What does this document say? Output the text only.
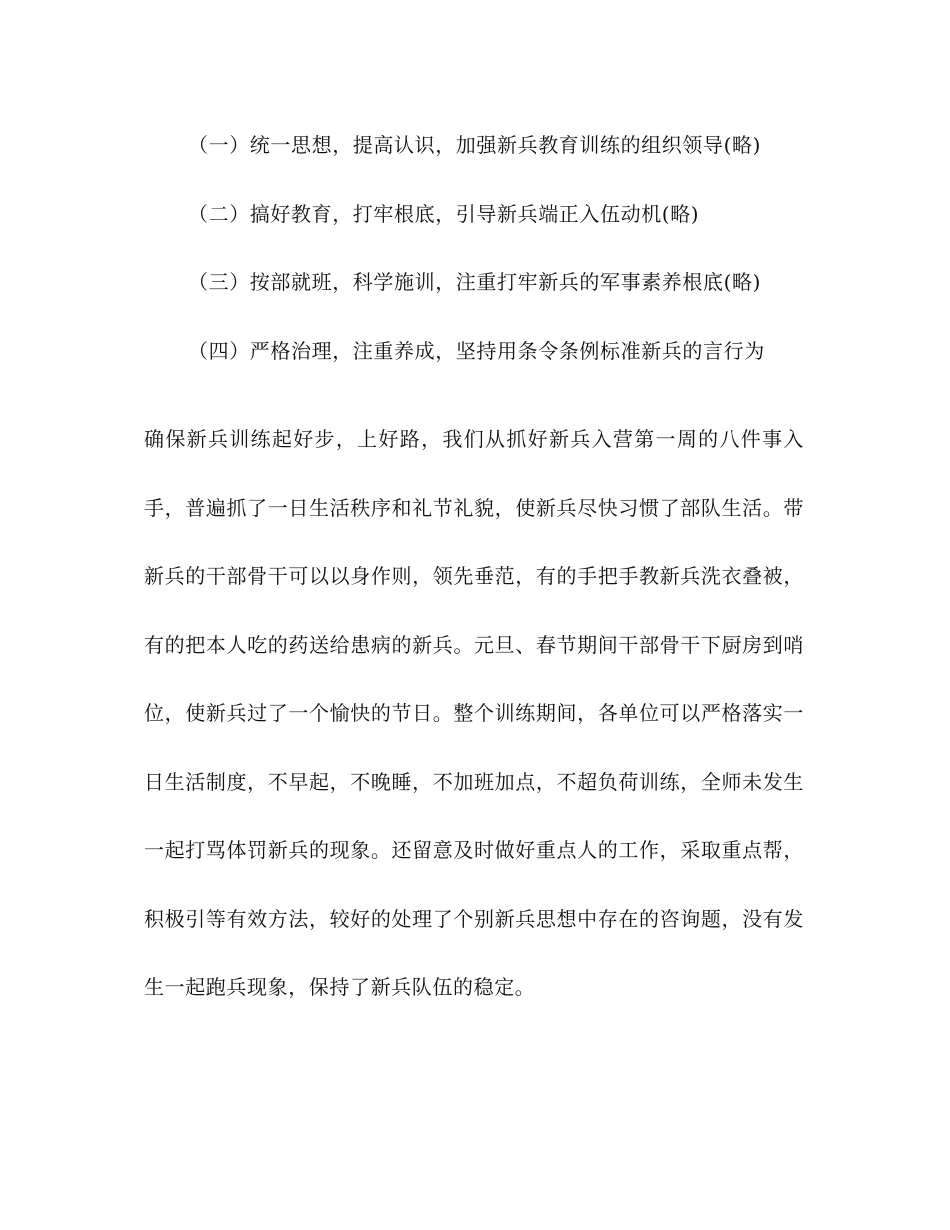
（一）统一思想，提高认识，加强新兵教育训练的组织领导(略)

（二）搞好教育，打牢根底，引导新兵端正入伍动机(略)

（三）按部就班，科学施训，注重打牢新兵的军事素养根底(略)

（四）严格治理，注重养成，坚持用条令条例标准新兵的言行为

确保新兵训练起好步，上好路，我们从抓好新兵入营第一周的八件事入手，普遍抓了一日生活秩序和礼节礼貌，使新兵尽快习惯了部队生活。带新兵的干部骨干可以以身作则，领先垂范，有的手把手教新兵洗衣叠被，有的把本人吃的药送给患病的新兵。元旦、春节期间干部骨干下厨房到哨位，使新兵过了一个愉快的节日。整个训练期间，各单位可以严格落实一日生活制度，不早起，不晚睡，不加班加点，不超负荷训练，全师未发生一起打骂体罚新兵的现象。还留意及时做好重点人的工作，采取重点帮，积极引等有效方法，较好的处理了个别新兵思想中存在的咨询题，没有发生一起跑兵现象，保持了新兵队伍的稳定。
